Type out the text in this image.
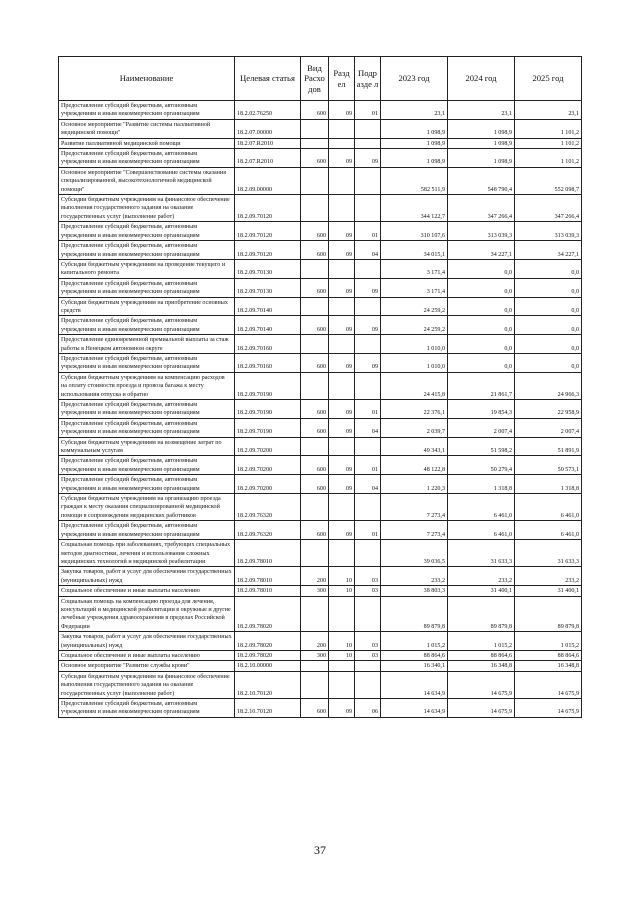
Наименование	Целевая статья	Вид Расхо дов	Разд ел	Подр азде л	2023 год	2024 год	2025 год
Предоставление субсидий бюджетным, автономным учреждениям и иным некоммерческим организациям	18.2.02.76250	600	09	01	23,1	23,1	23,1
Основное мероприятие "Развитие системы паллиативной медицинской помощи"	18.2.07.00000				1 098,9	1 098,9	1 101,2
Развитие паллиативной медицинской помощи	18.2.07.R2010				1 098,9	1 098,9	1 101,2
Предоставление субсидий бюджетным, автономным учреждениям и иным некоммерческим организациям	18.2.07.R2010	600	09	09	1 098,9	1 098,9	1 101,2
Основное мероприятие "Совершенствование системы оказания специализированной, высокотехнологичной медицинской помощи"	18.2.09.00000				582 511,9	548 790,4	552 098,7
Субсидии бюджетным учреждениям на финансовое обеспечение выполнения государственного задания на оказание государственных услуг (выполнение работ)	18.2.09.70120				344 122,7	347 266,4	347 266,4
Предоставление субсидий бюджетным, автономным учреждениям и иным некоммерческим организациям	18.2.09.70120	600	09	01	310 107,6	313 039,3	313 039,3
Предоставление субсидий бюджетным, автономным учреждениям и иным некоммерческим организациям	18.2.09.70120	600	09	04	34 015,1	34 227,1	34 227,1
Субсидии бюджетным учреждениям на проведение текущего и капитального ремонта	18.2.09.70130				3 171,4	0,0	0,0
Предоставление субсидий бюджетным, автономным учреждениям и иным некоммерческим организациям	18.2.09.70130	600	09	09	3 171,4	0,0	0,0
Субсидии бюджетным учреждениям на приобретение основных средств	18.2.09.70140				24 259,2	0,0	0,0
Предоставление субсидий бюджетным, автономным учреждениям и иным некоммерческим организациям	18.2.09.70140	600	09	09	24 259,2	0,0	0,0
Предоставление единовременной премиальной выплаты за стаж работы в Ненецком автономном округе	18.2.09.70160				1 010,0	0,0	0,0
Предоставление субсидий бюджетным, автономным учреждениям и иным некоммерческим организациям	18.2.09.70160	600	09	09	1 010,0	0,0	0,0
Субсидии бюджетным учреждениям на компенсацию расходов на оплату стоимости проезда и провоза багажа к месту использования отпуска и обратно	18.2.09.70190				24 415,8	21 861,7	24 966,3
Предоставление субсидий бюджетным, автономным учреждениям и иным некоммерческим организациям	18.2.09.70190	600	09	01	22 376,1	19 854,3	22 958,9
Предоставление субсидий бюджетным, автономным учреждениям и иным некоммерческим организациям	18.2.09.70190	600	09	04	2 039,7	2 007,4	2 007,4
Субсидии бюджетным учреждениям на возмещение затрат по коммунальным услугам	18.2.09.70200				49 343,1	51 598,2	51 891,9
Предоставление субсидий бюджетным, автономным учреждениям и иным некоммерческим организациям	18.2.09.70200	600	09	01	48 122,8	50 279,4	50 573,1
Предоставление субсидий бюджетным, автономным учреждениям и иным некоммерческим организациям	18.2.09.70200	600	09	04	1 220,3	1 318,8	1 318,8
Субсидии бюджетным учреждениям на организацию проезда граждан к месту оказания специализированной медицинской помощи в сопровождении медицинских работников	18.2.09.76320				7 273,4	6 461,0	6 461,0
Предоставление субсидий бюджетным, автономным учреждениям и иным некоммерческим организациям	18.2.09.76320	600	09	01	7 273,4	6 461,0	6 461,0
Социальная помощь при заболеваниях, требующих специальных методов диагностики, лечения и использования сложных медицинских технологий и медицинской реабилитации	18.2.09.78010				39 036,5	31 633,3	31 633,3
Закупка товаров, работ и услуг для обеспечения государственных (муниципальных) нужд	18.2.09.78010	200	10	03	233,2	233,2	233,2
Социальное обеспечение и иные выплаты населению	18.2.09.78010	300	10	03	38 803,3	31 400,1	31 400,1
Социальная помощь на компенсацию проезда для лечения, консультаций и медицинской реабилитации в окружные и другие лечебные учреждения здравоохранения в пределах Российской Федерации	18.2.09.78020				89 879,8	89 879,8	89 879,8
Закупка товаров, работ и услуг для обеспечения государственных (муниципальных) нужд	18.2.09.78020	200	10	03	1 015,2	1 015,2	1 015,2
Социальное обеспечение и иные выплаты населению	18.2.09.78020	300	10	03	88 864,6	88 864,6	88 864,6
Основное мероприятие "Развитие службы крови"	18.2.10.00000				16 340,1	16 348,8	16 348,8
Субсидии бюджетным учреждениям на финансовое обеспечение выполнения государственного задания на оказание государственных услуг (выполнение работ)	18.2.10.70120				14 634,9	14 675,9	14 675,9
Предоставление субсидий бюджетным, автономным учреждениям и иным некоммерческим организациям	18.2.10.70120	600	09	06	14 634,9	14 675,9	14 675,9
37
